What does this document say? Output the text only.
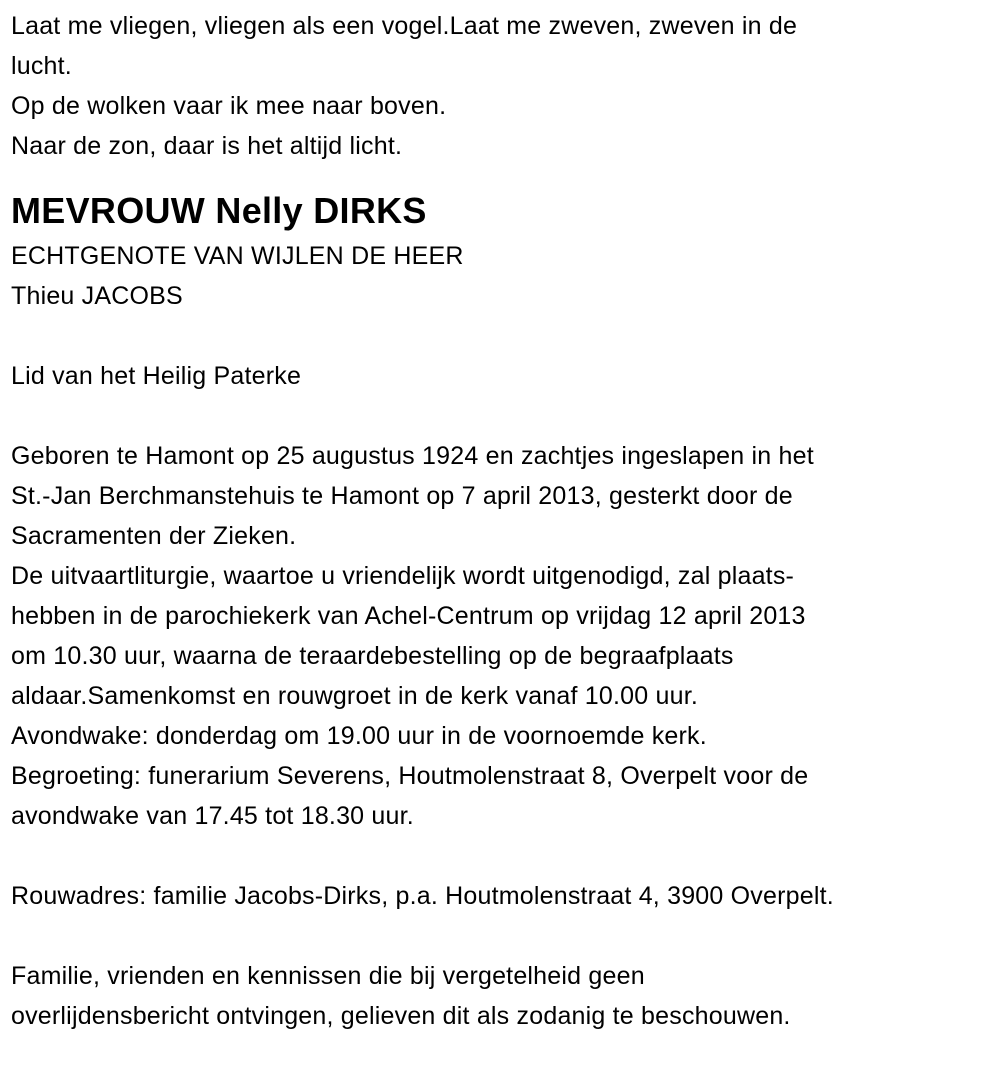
Laat me vliegen, vliegen als een vogel.Laat me zweven, zweven in de
lucht.
Op de wolken vaar ik mee naar boven.
Naar de zon, daar is het altijd licht.
MEVROUW Nelly DIRKS
ECHTGENOTE VAN WIJLEN DE HEER
Thieu JACOBS
Lid van het Heilig Paterke
Geboren te Hamont op 25 augustus 1924 en zachtjes ingeslapen in het
St.-Jan Berchmanstehuis te Hamont op 7 april 2013, gesterkt door de
Sacramenten der Zieken.
De uitvaartliturgie, waartoe u vriendelijk wordt uitgenodigd, zal plaats-
hebben in de parochiekerk van Achel-Centrum op vrijdag 12 april 2013
om 10.30 uur, waarna de teraardebestelling op de begraafplaats
aldaar.Samenkomst en rouwgroet in de kerk vanaf 10.00 uur.
Avondwake: donderdag om 19.00 uur in de voornoemde kerk.
Begroeting: funerarium Severens, Houtmolenstraat 8, Overpelt voor de
avondwake van 17.45 tot 18.30 uur.
Rouwadres: familie Jacobs-Dirks, p.a. Houtmolenstraat 4, 3900 Overpelt.
Familie, vrienden en kennissen die bij vergetelheid geen
overlijdensbericht ontvingen, gelieven dit als zodanig te beschouwen.
